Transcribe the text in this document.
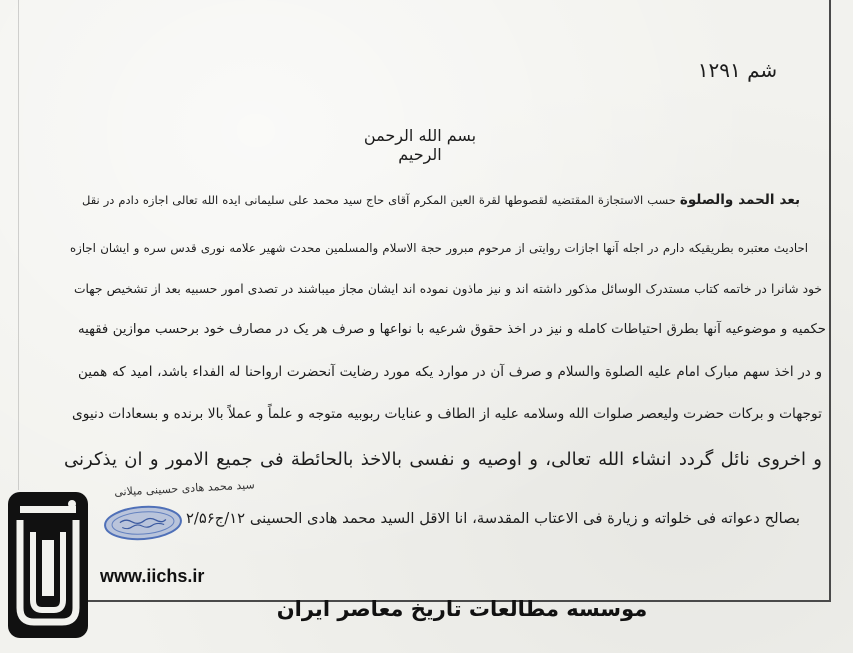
شم ۱۲۹۱
بسم الله الرحمن الرحیم
بعد الحمد والصلوة حسب الاستجازة المقتضیه لقصوطها لقرة العین المکرم آقای حاج سید محمد علی سلیمانی ایده الله تعالی اجازه دادم در نقل
احادیث معتبره بطریقیکه دارم در اجله آنها اجازات روایتی از مرحوم مبرور حجة الاسلام والمسلمین محدث شهیر علامه نوری قدس سره و ایشان اجازه
خود شانرا در خاتمه کتاب مستدرک الوسائل مذکور داشته اند و نیز ماذون نموده اند ایشان مجاز میباشند در تصدی امور حسبیه بعد از تشخیص جهات
حکمیه و موضوعیه آنها بطرق احتیاطات کامله و نیز در اخذ حقوق شرعیه با نواعها و صرف هر یک در مصارف خود برحسب موازین فقهیه
و در اخذ سهم مبارک امام علیه الصلوة والسلام و صرف آن در موارد یکه مورد رضایت آنحضرت ارواحنا له الفداء باشد، امید که همین
توجهات و برکات حضرت ولیعصر صلوات الله وسلامه علیه از الطاف و عنایات ربوبیه متوجه و علماً و عملاً بالا برنده و بسعادات دنیوی
و اخروی نائل گردد انشاء الله تعالی، و اوصیه و نفسی بالاخذ بالحائطة فی جمیع الامور و ان یذکرنی
سید محمد هادی حسینی میلانی
بصالح دعواته فی خلواته و زیارة فی الاعتاب المقدسة، انا الاقل السید محمد هادی الحسینی ۱۲/ج۲/۵۶
www.iichs.ir
موسسه مطالعات تاریخ معاصر ایران
